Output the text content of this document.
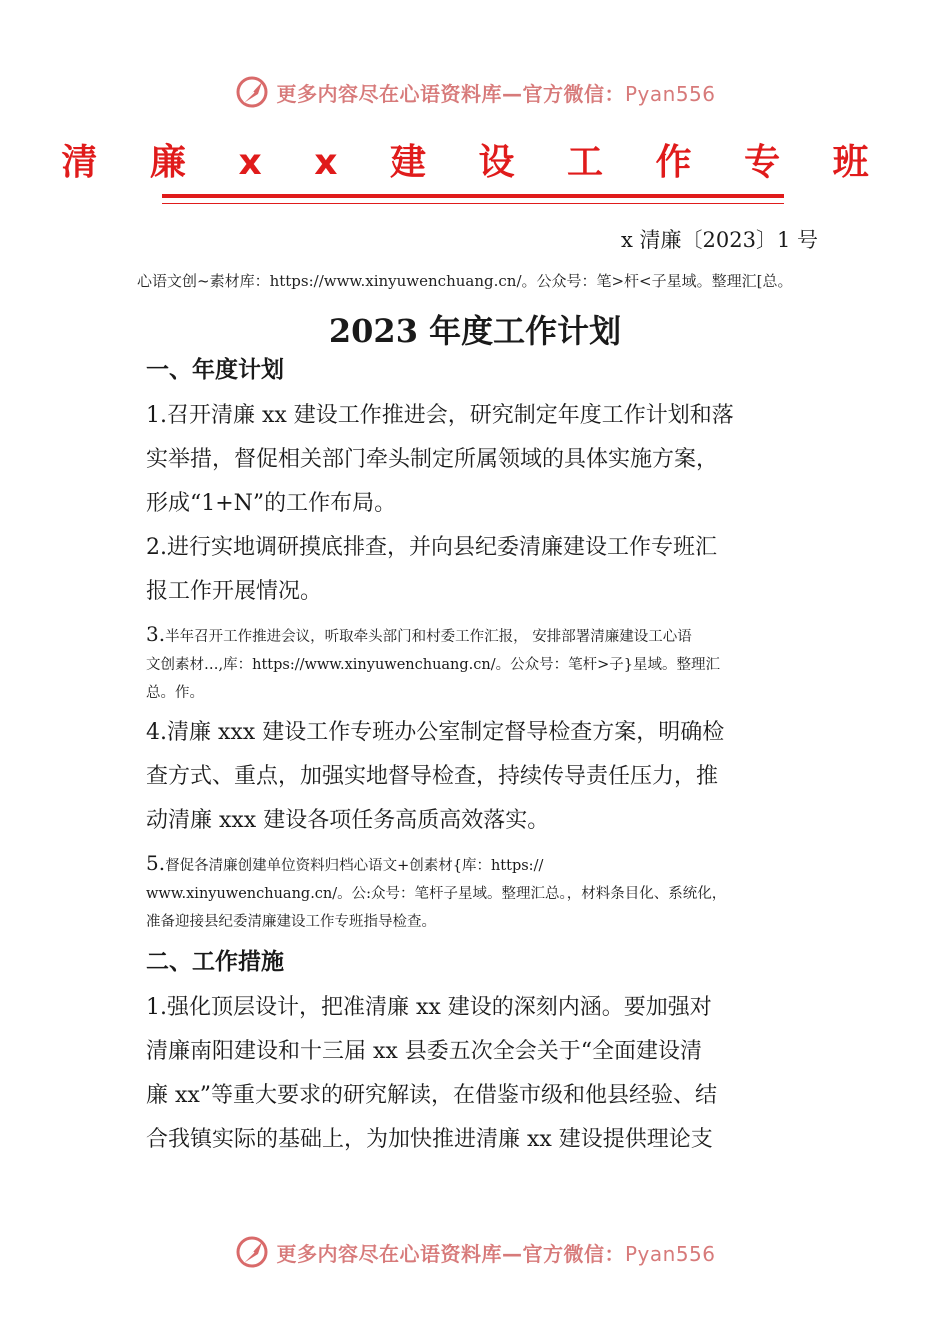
更多内容尽在心语资料库—官方微信：Pyan556
清 廉 x x 建 设 工 作 专 班
x 清廉〔2023〕1 号
心语文创~素材库：https://www.xinyuwenchuang.cn/。公众号：笔>杆<子星域。整理汇[总。
2023 年度工作计划
一、年度计划
1.召开清廉 xx 建设工作推进会，研究制定年度工作计划和落
实举措，督促相关部门牵头制定所属领域的具体实施方案，
形成“1+N”的工作布局。
2.进行实地调研摸底排查，并向县纪委清廉建设工作专班汇
报工作开展情况。
3.半年召开工作推进会议，听取牵头部门和村委工作汇报， 安排部署清廉建设工心语
文创素材…,库：https://www.xinyuwenchuang.cn/。公众号：笔杆>子}星域。整理汇
总。作。
4.清廉 xxx 建设工作专班办公室制定督导检查方案，明确检
查方式、重点，加强实地督导检查，持续传导责任压力，推
动清廉 xxx 建设各项任务高质高效落实。
5.督促各清廉创建单位资料归档心语文+创素材{库：https://
www.xinyuwenchuang.cn/。公:众号：笔杆子星域。整理汇总。，材料条目化、系统化，
准备迎接县纪委清廉建设工作专班指导检查。
二、工作措施
1.强化顶层设计，把准清廉 xx 建设的深刻内涵。要加强对
清廉南阳建设和十三届 xx 县委五次全会关于“全面建设清
廉 xx”等重大要求的研究解读，在借鉴市级和他县经验、结
合我镇实际的基础上，为加快推进清廉 xx 建设提供理论支
更多内容尽在心语资料库—官方微信：Pyan556
